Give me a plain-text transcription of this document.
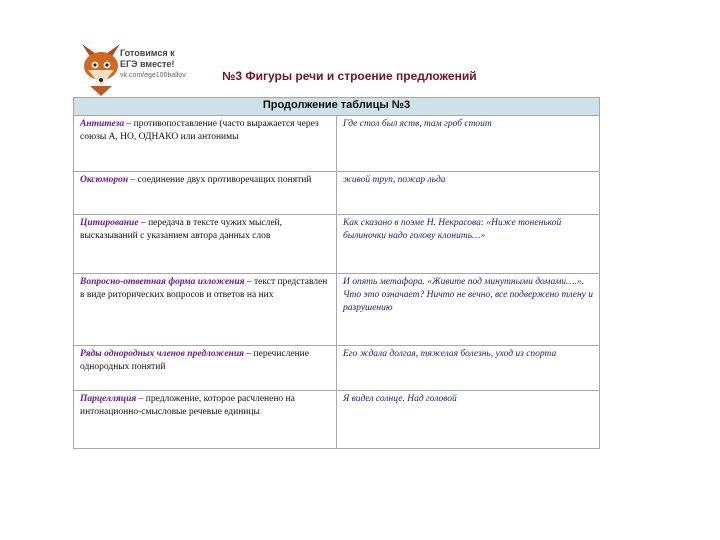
Готовимся к
ЕГЭ вместе!
vk.com/ege100ballov	№3 Фигуры речи и строение предложений
Продолжение таблицы №3	
Антитеза – противопоставление (часто выражается через союзы А, НО, ОДНАКО или антонимы	Где стол был яств, там гроб стоит
Оксюморон – соединение двух противоречащих понятий	живой труп, пожар льда
Цитирование – передача в тексте чужих мыслей, высказываний с указанием автора данных слов	Как сказано в поэме Н. Некрасова: «Ниже тоненькой былиночки надо голову клонить…»
Вопросно-ответная форма изложения – текст представлен в виде риторических вопросов и ответов на них	И опять метафора. «Живите под минутными домами….». Что это означает? Ничто не вечно, все подвержено тлену и разрушению
Ряды однородных членов предложения – перечисление однородных понятий	Его ждала долгая, тяжелая болезнь, уход из спорта
Парцелляция – предложение, которое расчленено на интонационно-смысловые речевые единицы	Я видел солнце. Над головой
